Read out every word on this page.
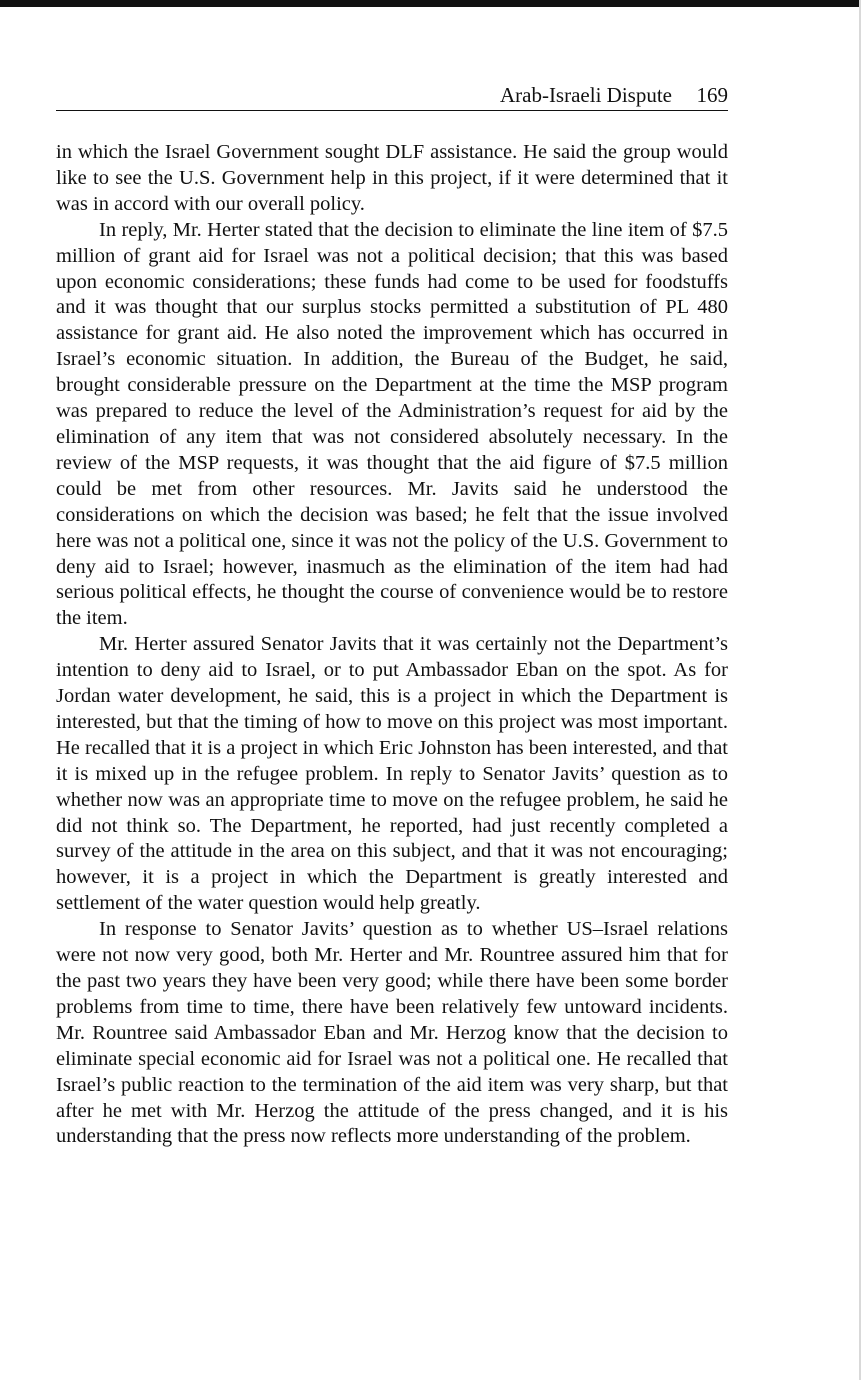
Arab-Israeli Dispute 169

in which the Israel Government sought DLF assistance. He said the group would like to see the U.S. Government help in this project, if it were determined that it was in accord with our overall policy.

In reply, Mr. Herter stated that the decision to eliminate the line item of $7.5 million of grant aid for Israel was not a political decision; that this was based upon economic considerations; these funds had come to be used for foodstuffs and it was thought that our surplus stocks permitted a substitution of PL 480 assistance for grant aid. He also noted the improvement which has occurred in Israel’s economic situation. In addition, the Bureau of the Budget, he said, brought considerable pressure on the Department at the time the MSP program was prepared to reduce the level of the Administration’s request for aid by the elimination of any item that was not considered absolutely necessary. In the review of the MSP requests, it was thought that the aid figure of $7.5 million could be met from other resources. Mr. Javits said he understood the considerations on which the decision was based; he felt that the issue involved here was not a political one, since it was not the policy of the U.S. Government to deny aid to Israel; however, inasmuch as the elimination of the item had had serious political effects, he thought the course of convenience would be to restore the item.

Mr. Herter assured Senator Javits that it was certainly not the Department’s intention to deny aid to Israel, or to put Ambassador Eban on the spot. As for Jordan water development, he said, this is a project in which the Department is interested, but that the timing of how to move on this project was most important. He recalled that it is a project in which Eric Johnston has been interested, and that it is mixed up in the refugee problem. In reply to Senator Javits’ question as to whether now was an appropriate time to move on the refugee problem, he said he did not think so. The Department, he reported, had just recently completed a survey of the attitude in the area on this subject, and that it was not encouraging; however, it is a project in which the Department is greatly interested and settlement of the water question would help greatly.

In response to Senator Javits’ question as to whether US–Israel relations were not now very good, both Mr. Herter and Mr. Rountree assured him that for the past two years they have been very good; while there have been some border problems from time to time, there have been relatively few untoward incidents. Mr. Rountree said Ambassador Eban and Mr. Herzog know that the decision to eliminate special economic aid for Israel was not a political one. He recalled that Israel’s public reaction to the termination of the aid item was very sharp, but that after he met with Mr. Herzog the attitude of the press changed, and it is his understanding that the press now reflects more understanding of the problem.
